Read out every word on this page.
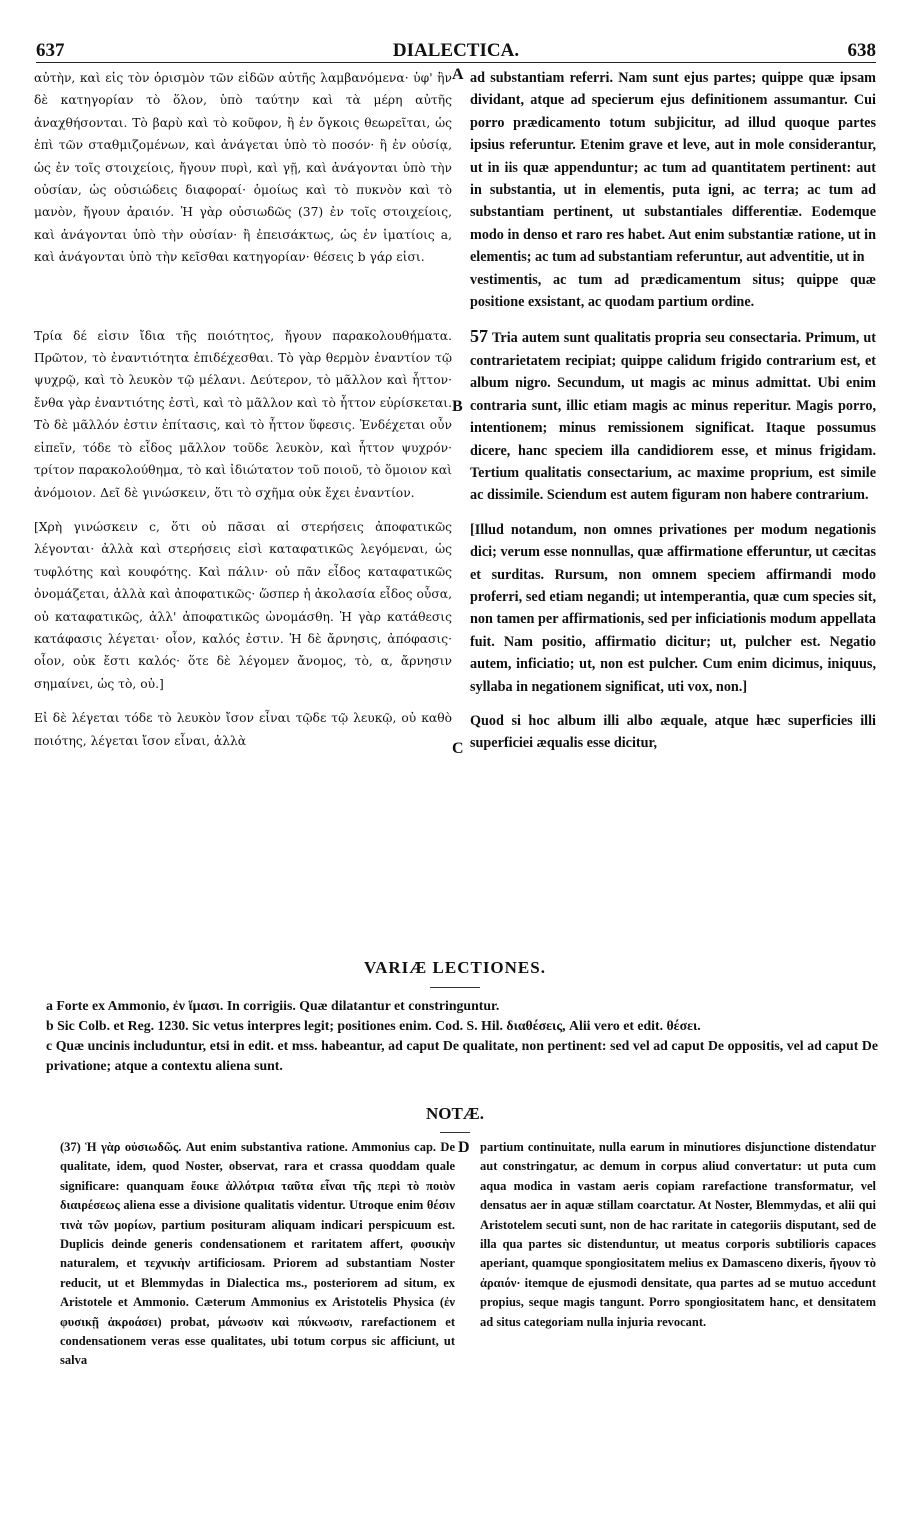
637	DIALECTICA.	638
A
B
C
D

αὐτὴν, καὶ εἰς τὸν ὁρισμὸν τῶν εἰδῶν αὐτῆς λαμβανόμενα· ὑφ' ἣν δὲ κατηγορίαν τὸ ὅλον, ὑπὸ ταύτην καὶ τὰ μέρη αὐτῆς ἀναχθήσονται. Τὸ βαρὺ καὶ τὸ κοῦφον, ἢ ἐν ὄγκοις θεωρεῖται, ὡς ἐπὶ τῶν σταθμιζομένων, καὶ ἀνάγεται ὑπὸ τὸ ποσόν· ἢ ἐν οὐσίᾳ, ὡς ἐν τοῖς στοιχείοις, ἤγουν πυρὶ, καὶ γῇ, καὶ ἀνάγονται ὑπὸ τὴν οὐσίαν, ὡς οὐσιώδεις διαφοραί· ὁμοίως καὶ τὸ πυκνὸν καὶ τὸ μανὸν, ἤγουν ἀραιόν. Ἡ γὰρ οὐσιωδῶς (37) ἐν τοῖς στοιχείοις, καὶ ἀνάγονται ὑπὸ τὴν οὐσίαν· ἢ ἐπεισάκτως, ὡς ἐν ἱματίοις a, καὶ ἀνάγονται ὑπὸ τὴν κεῖσθαι κατηγορίαν· θέσεις b γάρ εἰσι.

Τρία δέ εἰσιν ἴδια τῆς ποιότητος, ἤγουν παρακολουθήματα. Πρῶτον, τὸ ἐναντιότητα ἐπιδέχεσθαι. Τὸ γὰρ θερμὸν ἐναντίον τῷ ψυχρῷ, καὶ τὸ λευκὸν τῷ μέλανι. Δεύτερον, τὸ μᾶλλον καὶ ἧττον· ἔνθα γὰρ ἐναντιότης ἐστὶ, καὶ τὸ μᾶλλον καὶ τὸ ἧττον εὑρίσκεται. Τὸ δὲ μᾶλλόν ἐστιν ἐπίτασις, καὶ τὸ ἧττον ὕφεσις. Ἐνδέχεται οὖν εἰπεῖν, τόδε τὸ εἶδος μᾶλλον τοῦδε λευκὸν, καὶ ἧττον ψυχρόν· τρίτον παρακολούθημα, τὸ καὶ ἰδιώτατον τοῦ ποιοῦ, τὸ ὅμοιον καὶ ἀνόμοιον. Δεῖ δὲ γινώσκειν, ὅτι τὸ σχῆμα οὐκ ἔχει ἐναντίον.

[Χρὴ γινώσκειν c, ὅτι οὐ πᾶσαι αἱ στερήσεις ἀποφατικῶς λέγονται· ἀλλὰ καὶ στερήσεις εἰσὶ καταφατικῶς λεγόμεναι, ὡς τυφλότης καὶ κουφότης. Καὶ πάλιν· οὐ πᾶν εἶδος καταφατικῶς ὀνομάζεται, ἀλλὰ καὶ ἀποφατικῶς· ὥσπερ ἡ ἀκολασία εἶδος οὖσα, οὐ καταφατικῶς, ἀλλ' ἀποφατικῶς ὠνομάσθη. Ἡ γὰρ κατάθεσις κατάφασις λέγεται· οἷον, καλός ἐστιν. Ἡ δὲ ἄρνησις, ἀπόφασις· οἷον, οὐκ ἔστι καλός· ὅτε δὲ λέγομεν ἄνομος, τὸ, α, ἄρνησιν σημαίνει, ὡς τὸ, οὐ.]

Εἰ δὲ λέγεται τόδε τὸ λευκὸν ἴσον εἶναι τῷδε τῷ λευκῷ, οὐ καθὸ ποιότης, λέγεται ἴσον εἶναι, ἀλλὰ

ad substantiam referri. Nam sunt ejus partes; quippe quæ ipsam dividant, atque ad specierum ejus definitionem assumantur. Cui porro prædicamento totum subjicitur, ad illud quoque partes ipsius referuntur. Etenim grave et leve, aut in mole considerantur, ut in iis quæ appenduntur; ac tum ad quantitatem pertinent: aut in substantia, ut in elementis, puta igni, ac terra; ac tum ad substantiam pertinent, ut substantiales differentiæ. Eodemque modo in denso et raro res habet. Aut enim substantiæ ratione, ut in elementis; ac tum ad substantiam referuntur, aut adventitie, ut in

vestimentis, ac tum ad prædicamentum situs; quippe quæ positione exsistant, ac quodam partium ordine.

57 Tria autem sunt qualitatis propria seu consectaria. Primum, ut contrarietatem recipiat; quippe calidum frigido contrarium est, et album nigro. Secundum, ut magis ac minus admittat. Ubi enim contraria sunt, illic etiam magis ac minus reperitur. Magis porro, intentionem; minus remissionem significat. Itaque possumus dicere, hanc speciem illa candidiorem esse, et minus frigidam. Tertium qualitatis consectarium, ac maxime proprium, est simile ac dissimile. Sciendum est autem figuram non habere contrarium.

[Illud notandum, non omnes privationes per modum negationis dici; verum esse nonnullas, quæ affirmatione efferuntur, ut cæcitas et surditas. Rursum, non omnem speciem affirmandi modo proferri, sed etiam negandi; ut intemperantia, quæ cum species sit, non tamen per affirmationis, sed per inficiationis modum appellata fuit. Nam positio, affirmatio dicitur; ut, pulcher est. Negatio autem, inficiatio; ut, non est pulcher. Cum enim dicimus, iniquus, syllaba in negationem significat, uti vox, non.]

Quod si hoc album illi albo æquale, atque hæc superficies illi superficiei æqualis esse dicitur,

VARIÆ LECTIONES.

a Forte ex Ammonio, ἐν ἵμασι. In corrigiis. Quæ dilatantur et constringuntur.

b Sic Colb. et Reg. 1230. Sic vetus interpres legit; positiones enim. Cod. S. Hil. διαθέσεις, Alii vero et edit. θέσει.

c Quæ uncinis includuntur, etsi in edit. et mss. habeantur, ad caput De qualitate, non pertinent: sed vel ad caput De oppositis, vel ad caput De privatione; atque a contextu aliena sunt.

NOTÆ.
(37) Ἡ γὰρ οὐσιωδῶς. Aut enim substantiva ratione. Ammonius cap. De qualitate, idem, quod Noster, observat, rara et crassa quoddam quale significare: quanquam ἔοικε ἀλλότρια ταῦτα εἶναι τῆς περὶ τὸ ποιὸν διαιρέσεως aliena esse a divisione qualitatis videntur. Utroque enim θέσιν τινὰ τῶν μορίων, partium posituram aliquam indicari perspicuum est. Duplicis deinde generis condensationem et raritatem affert, φυσικὴν naturalem, et τεχνικὴν artificiosam. Priorem ad substantiam Noster reducit, ut et Blemmydas in Dialectica ms., posteriorem ad situm, ex Aristotele et Ammonio. Cæterum Ammonius ex Aristotelis Physica (ἐν φυσικῇ ἀκροάσει) probat, μάνωσιν καὶ πύκνωσιν, rarefactionem et condensationem veras esse qualitates, ubi totum corpus sic afficiunt, ut salva
partium continuitate, nulla earum in minutiores disjunctione distendatur aut constringatur, ac demum in corpus aliud convertatur: ut puta cum aqua modica in vastam aeris copiam rarefactione transformatur, vel densatus aer in aquæ stillam coarctatur. At Noster, Blemmydas, et alii qui Aristotelem secuti sunt, non de hac raritate in categoriis disputant, sed de illa qua partes sic distenduntur, ut meatus corporis subtilioris capaces aperiant, quamque spongiositatem melius ex Damasceno dixeris, ἤγουν τὸ ἀραιόν· itemque de ejusmodi densitate, qua partes ad se mutuo accedunt propius, seque magis tangunt. Porro spongiositatem hanc, et densitatem ad situs categoriam nulla injuria revocant.
